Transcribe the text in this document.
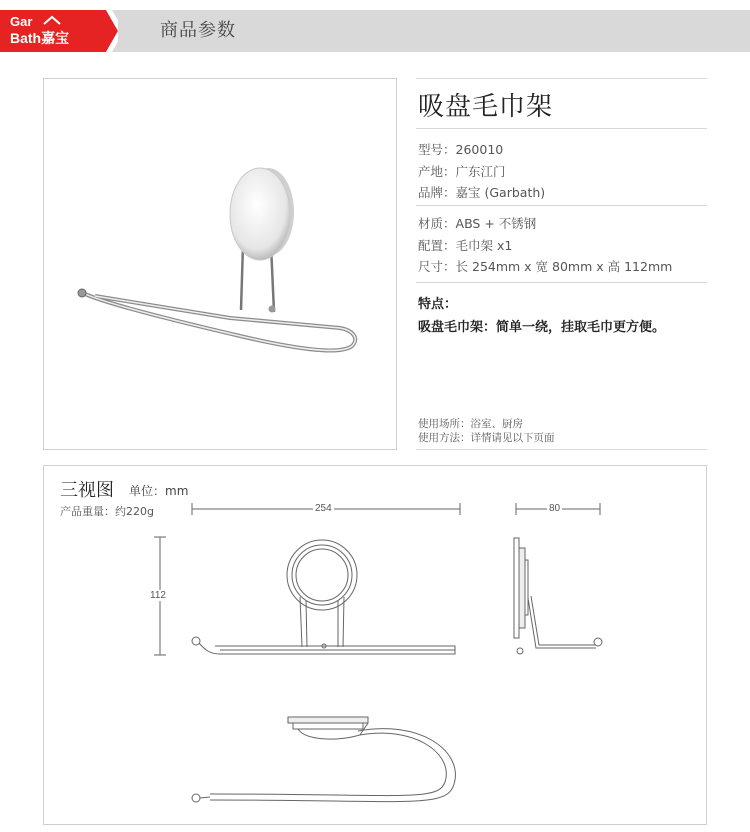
Gar
Bath嘉宝	商品参数
吸盘毛巾架
型号：260010
产地：广东江门
品牌：嘉宝 (Garbath)
材质：ABS + 不锈钢
配置：毛巾架 x1
尺寸：长 254mm x 宽 80mm x 高 112mm
特点：
吸盘毛巾架：简单一绕，挂取毛巾更方便。
使用场所：浴室、厨房
使用方法：详情请见以下页面
三视图 单位：mm
产品重量：约220g	254
112
80
